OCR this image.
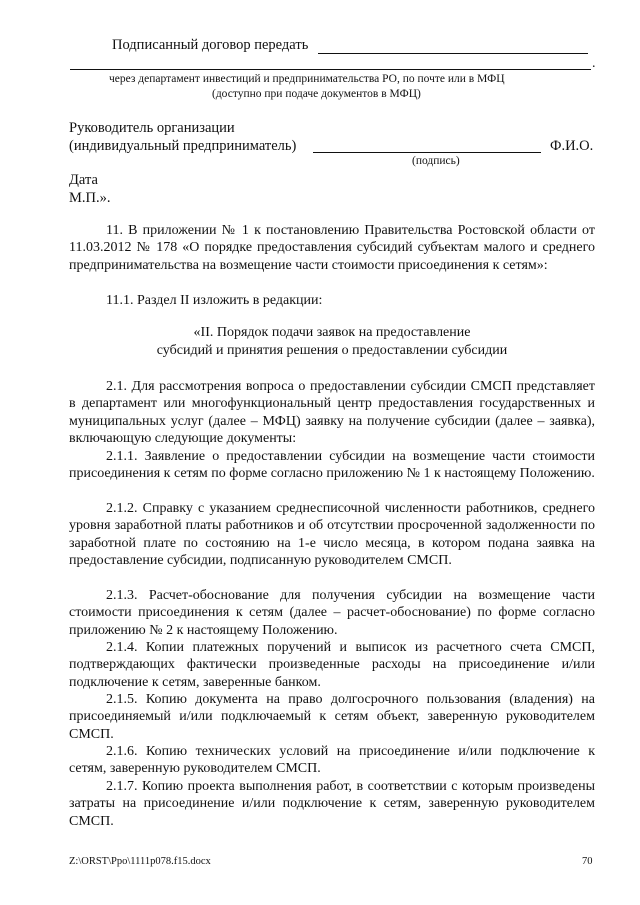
Подписанный договор передать
.
через департамент инвестиций и предпринимательства РО, по почте или в МФЦ
(доступно при подаче документов в МФЦ)
Руководитель организации
(индивидуальный предприниматель)	Ф.И.О.
(подпись)
Дата
М.П.».

11. В приложении № 1 к постановлению Правительства Ростовской области от 11.03.2012 № 178 «О порядке предоставления субсидий субъектам малого и среднего предпринимательства на возмещение части стоимости присоединения к сетям»:

11.1. Раздел II изложить в редакции:

«II. Порядок подачи заявок на предоставление

субсидий и принятия решения о предоставлении субсидии

2.1. Для рассмотрения вопроса о предоставлении субсидии СМСП представляет в департамент или многофункциональный центр предоставления государственных и муниципальных услуг (далее – МФЦ) заявку на получение субсидии (далее – заявка), включающую следующие документы:

2.1.1. Заявление о предоставлении субсидии на возмещение части стоимости присоединения к сетям по форме согласно приложению № 1 к настоящему Положению.

2.1.2. Справку с указанием среднесписочной численности работников, среднего уровня заработной платы работников и об отсутствии просроченной задолженности по заработной плате по состоянию на 1-е число месяца, в котором подана заявка на предоставление субсидии, подписанную руководителем СМСП.

2.1.3. Расчет-обоснование для получения субсидии на возмещение части стоимости присоединения к сетям (далее – расчет-обоснование) по форме согласно приложению № 2 к настоящему Положению.

2.1.4. Копии платежных поручений и выписок из расчетного счета СМСП, подтверждающих фактически произведенные расходы на присоединение и/или подключение к сетям, заверенные банком.

2.1.5. Копию документа на право долгосрочного пользования (владения) на присоединяемый и/или подключаемый к сетям объект, заверенную руководителем СМСП.

2.1.6. Копию технических условий на присоединение и/или подключение к сетям, заверенную руководителем СМСП.

2.1.7. Копию проекта выполнения работ, в соответствии с которым произведены затраты на присоединение и/или подключение к сетям, заверенную руководителем СМСП.

Z:\ORST\Ppo\1111p078.f15.docx	70
